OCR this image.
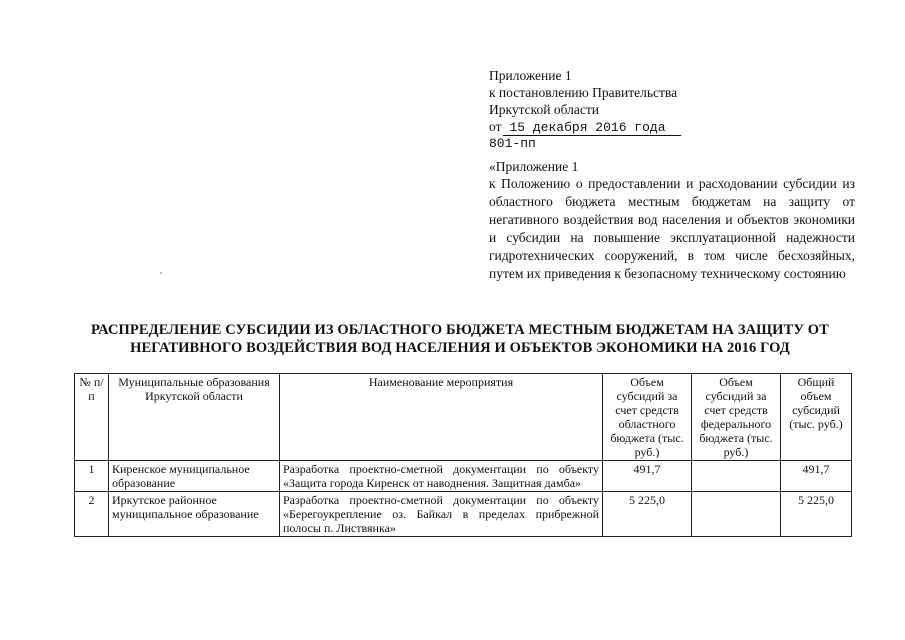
Приложение 1
к постановлению Правительства
Иркутской области
от 15 декабря 2016 года
801-пп
«Приложение 1
к Положению о предоставлении и расходовании субсидии из областного бюджета местным бюджетам на защиту от негативного воздействия вод населения и объектов экономики и субсидии на повышение эксплуатационной надежности гидротехнических сооружений, в том числе бесхозяйных, путем их приведения к безопасному техническому состоянию
РАСПРЕДЕЛЕНИЕ СУБСИДИИ ИЗ ОБЛАСТНОГО БЮДЖЕТА МЕСТНЫМ БЮДЖЕТАМ НА ЗАЩИТУ ОТ НЕГАТИВНОГО ВОЗДЕЙСТВИЯ ВОД НАСЕЛЕНИЯ И ОБЪЕКТОВ ЭКОНОМИКИ НА 2016 ГОД
№ п/п	Муниципальные образования Иркутской области	Наименование мероприятия	Объем субсидий за счет средств областного бюджета (тыс. руб.)	Объем субсидий за счет средств федерального бюджета (тыс. руб.)	Общий объем субсидий (тыс. руб.)
1	Киренское муниципальное образование	Разработка проектно-сметной документации по объекту «Защита города Киренск от наводнения. Защитная дамба»	491,7		491,7
2	Иркутское районное муниципальное образование	Разработка проектно-сметной документации по объекту «Берегоукрепление оз. Байкал в пределах прибрежной полосы п. Листвянка»	5 225,0		5 225,0
